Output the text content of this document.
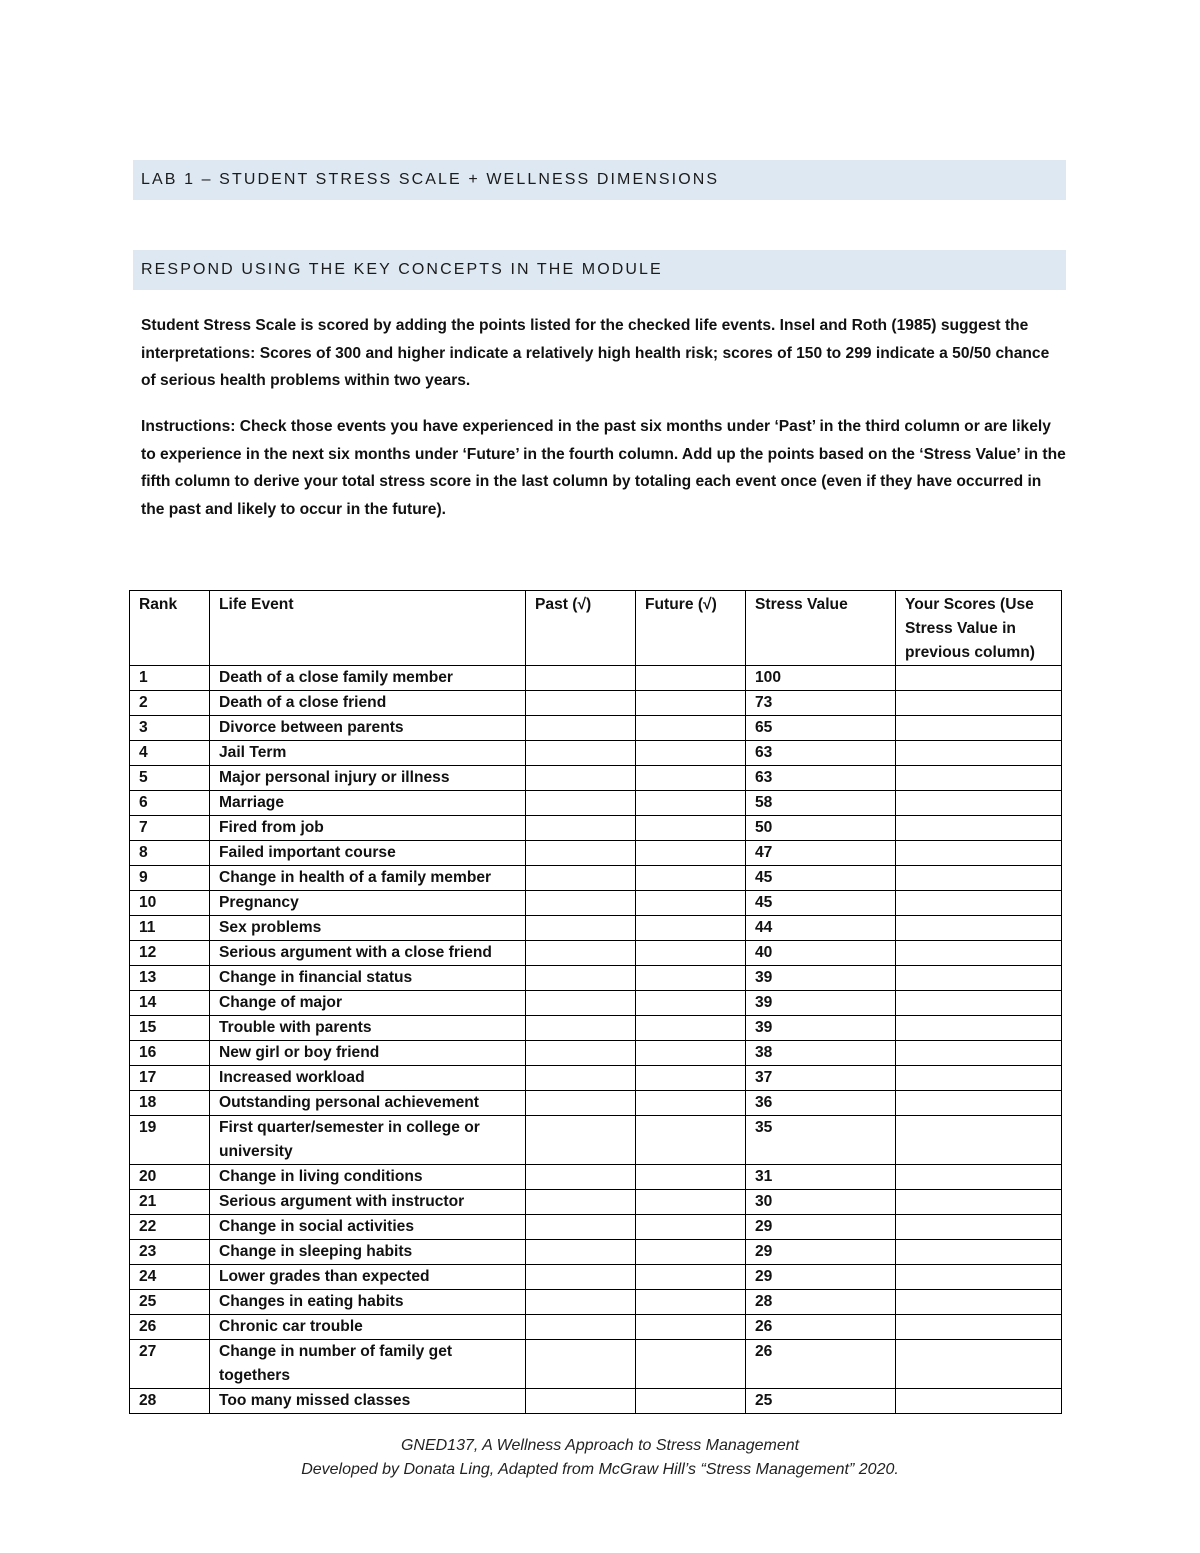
LAB 1 – STUDENT STRESS SCALE + WELLNESS DIMENSIONS
RESPOND USING THE KEY CONCEPTS IN THE MODULE
Student Stress Scale is scored by adding the points listed for the checked life events. Insel and Roth (1985) suggest the interpretations: Scores of 300 and higher indicate a relatively high health risk; scores of 150 to 299 indicate a 50/50 chance of serious health problems within two years.
Instructions: Check those events you have experienced in the past six months under ‘Past’ in the third column or are likely to experience in the next six months under ‘Future’ in the fourth column. Add up the points based on the ‘Stress Value’ in the fifth column to derive your total stress score in the last column by totaling each event once (even if they have occurred in the past and likely to occur in the future).
Rank	Life Event	Past (√)	Future (√)	Stress Value	Your Scores (Use Stress Value in previous column)
1	Death of a close family member			100	
2	Death of a close friend			73	
3	Divorce between parents			65	
4	Jail Term			63	
5	Major personal injury or illness			63	
6	Marriage			58	
7	Fired from job			50	
8	Failed important course			47	
9	Change in health of a family member			45	
10	Pregnancy			45	
11	Sex problems			44	
12	Serious argument with a close friend			40	
13	Change in financial status			39	
14	Change of major			39	
15	Trouble with parents			39	
16	New girl or boy friend			38	
17	Increased workload			37	
18	Outstanding personal achievement			36	
19	First quarter/semester in college or university			35	
20	Change in living conditions			31	
21	Serious argument with instructor			30	
22	Change in social activities			29	
23	Change in sleeping habits			29	
24	Lower grades than expected			29	
25	Changes in eating habits			28	
26	Chronic car trouble			26	
27	Change in number of family get togethers			26	
28	Too many missed classes			25	
GNED137, A Wellness Approach to Stress Management
Developed by Donata Ling, Adapted from McGraw Hill’s “Stress Management” 2020.
